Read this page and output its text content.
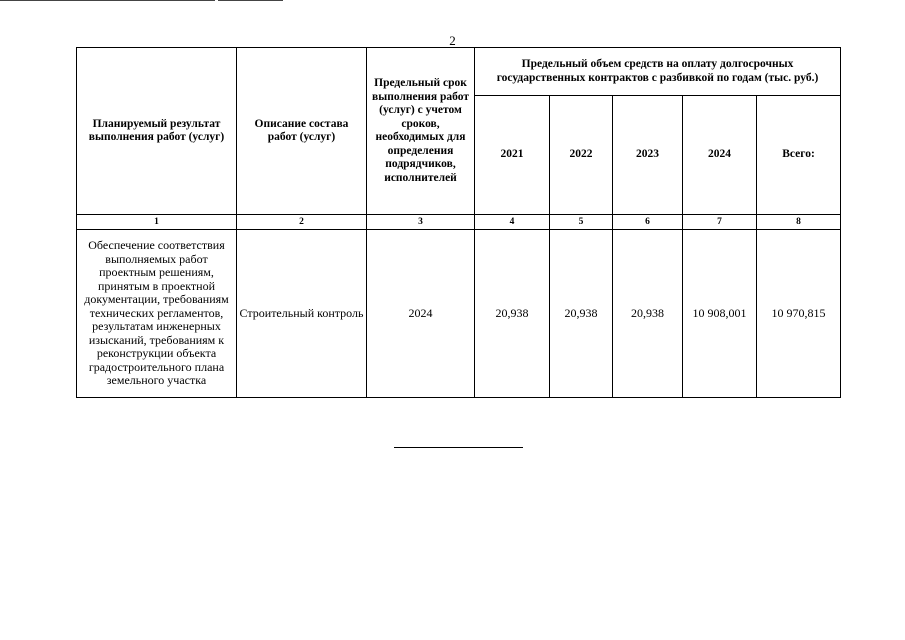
2
Планируемый результат выполнения работ (услуг)	Описание состава работ (услуг)	Предельный срок выполнения работ (услуг) с учетом сроков, необходимых для определения подрядчиков, исполнителей	Предельный объем средств на оплату долгосрочных государственных контрактов с разбивкой по годам (тыс. руб.)				
			2021	2022	2023	2024	Всего:
1	2	3	4	5	6	7	8
Обеспечение соответствия выполняемых работ проектным решениям, принятым в проектной документации, требованиям технических регламентов, результатам инженерных изысканий, требованиям к реконструкции объекта градостроительного плана земельного участка	Строительный контроль	2024	20,938	20,938	20,938	10 908,001	10 970,815
